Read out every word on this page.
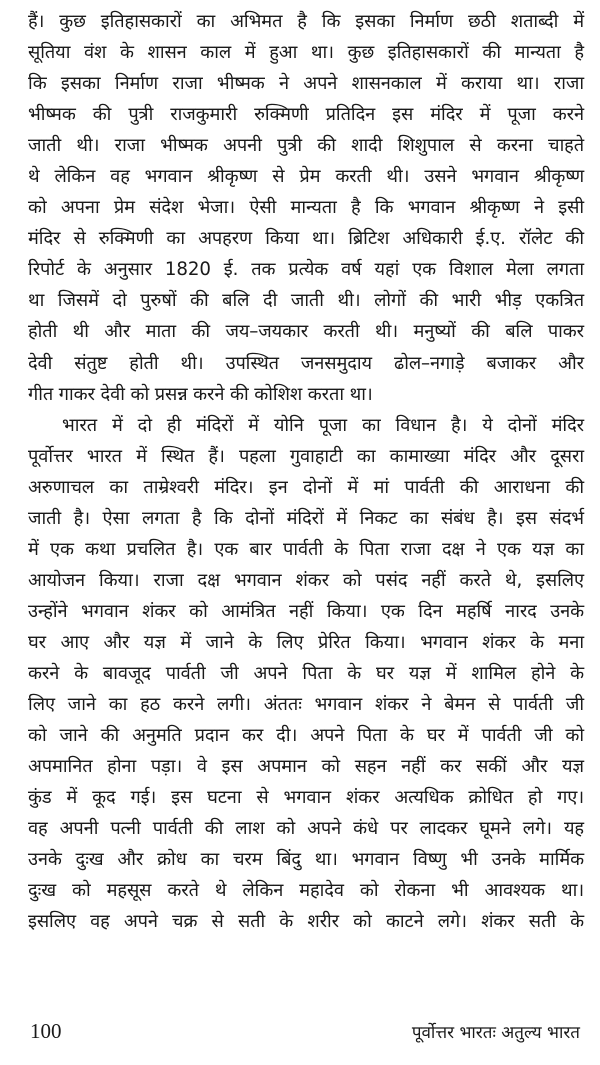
हैं। कुछ इतिहासकारों का अभिमत है कि इसका निर्माण छठी शताब्दी में
सूतिया वंश के शासन काल में हुआ था। कुछ इतिहासकारों की मान्यता है
कि इसका निर्माण राजा भीष्मक ने अपने शासनकाल में कराया था। राजा
भीष्मक की पुत्री राजकुमारी रुक्मिणी प्रतिदिन इस मंदिर में पूजा करने
जाती थी। राजा भीष्मक अपनी पुत्री की शादी शिशुपाल से करना चाहते
थे लेकिन वह भगवान श्रीकृष्ण से प्रेम करती थी। उसने भगवान श्रीकृष्ण
को अपना प्रेम संदेश भेजा। ऐसी मान्यता है कि भगवान श्रीकृष्ण ने इसी
मंदिर से रुक्मिणी का अपहरण किया था। ब्रिटिश अधिकारी ई.ए. रॉलेट की
रिपोर्ट के अनुसार 1820 ई. तक प्रत्येक वर्ष यहां एक विशाल मेला लगता
था जिसमें दो पुरुषों की बलि दी जाती थी। लोगों की भारी भीड़ एकत्रित
होती थी और माता की जय–जयकार करती थी। मनुष्यों की बलि पाकर
देवी संतुष्ट होती थी। उपस्थित जनसमुदाय ढोल–नगाड़े बजाकर और
गीत गाकर देवी को प्रसन्न करने की कोशिश करता था।
भारत में दो ही मंदिरों में योनि पूजा का विधान है। ये दोनों मंदिर
पूर्वोत्तर भारत में स्थित हैं। पहला गुवाहाटी का कामाख्या मंदिर और दूसरा
अरुणाचल का ताम्रेश्वरी मंदिर। इन दोनों में मां पार्वती की आराधना की
जाती है। ऐसा लगता है कि दोनों मंदिरों में निकट का संबंध है। इस संदर्भ
में एक कथा प्रचलित है। एक बार पार्वती के पिता राजा दक्ष ने एक यज्ञ का
आयोजन किया। राजा दक्ष भगवान शंकर को पसंद नहीं करते थे, इसलिए
उन्होंने भगवान शंकर को आमंत्रित नहीं किया। एक दिन महर्षि नारद उनके
घर आए और यज्ञ में जाने के लिए प्रेरित किया। भगवान शंकर के मना
करने के बावजूद पार्वती जी अपने पिता के घर यज्ञ में शामिल होने के
लिए जाने का हठ करने लगी। अंततः भगवान शंकर ने बेमन से पार्वती जी
को जाने की अनुमति प्रदान कर दी। अपने पिता के घर में पार्वती जी को
अपमानित होना पड़ा। वे इस अपमान को सहन नहीं कर सकीं और यज्ञ
कुंड में कूद गई। इस घटना से भगवान शंकर अत्यधिक क्रोधित हो गए।
वह अपनी पत्नी पार्वती की लाश को अपने कंधे पर लादकर घूमने लगे। यह
उनके दुःख और क्रोध का चरम बिंदु था। भगवान विष्णु भी उनके मार्मिक
दुःख को महसूस करते थे लेकिन महादेव को रोकना भी आवश्यक था।
इसलिए वह अपने चक्र से सती के शरीर को काटने लगे। शंकर सती के
100	पूर्वोत्तर भारतः अतुल्य भारत
